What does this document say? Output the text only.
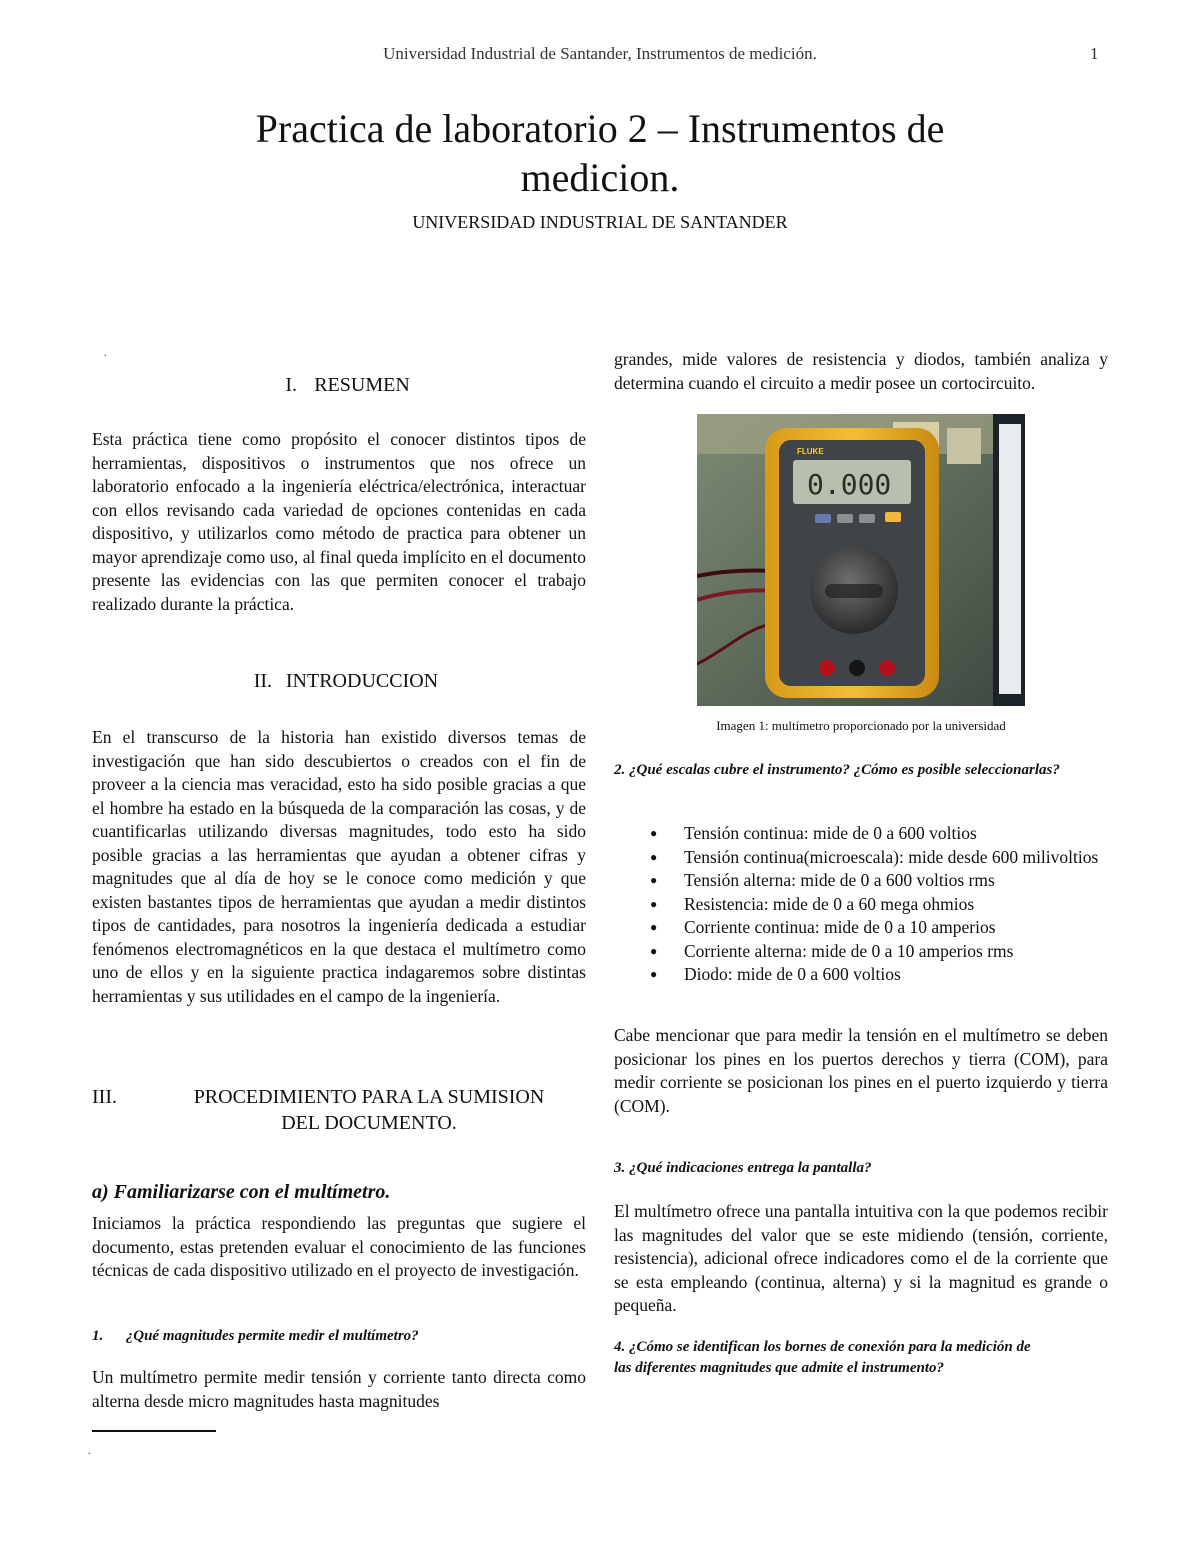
Universidad Industrial de Santander, Instrumentos de medición.	1
Practica de laboratorio 2 – Instrumentos de
medicion.
UNIVERSIDAD INDUSTRIAL DE SANTANDER
.
I. RESUMEN
Esta práctica tiene como propósito el conocer distintos tipos de herramientas, dispositivos o instrumentos que nos ofrece un laboratorio enfocado a la ingeniería eléctrica/electrónica, interactuar con ellos revisando cada variedad de opciones contenidas en cada dispositivo, y utilizarlos como método de practica para obtener un mayor aprendizaje como uso, al final queda implícito en el documento presente las evidencias con las que permiten conocer el trabajo realizado durante la práctica.
II. INTRODUCCION
En el transcurso de la historia han existido diversos temas de investigación que han sido descubiertos o creados con el fin de proveer a la ciencia mas veracidad, esto ha sido posible gracias a que el hombre ha estado en la búsqueda de la comparación las cosas, y de cuantificarlas utilizando diversas magnitudes, todo esto ha sido posible gracias a las herramientas que ayudan a obtener cifras y magnitudes que al día de hoy se le conoce como medición y que existen bastantes tipos de herramientas que ayudan a medir distintos tipos de cantidades, para nosotros la ingeniería dedicada a estudiar fenómenos electromagnéticos en la que destaca el multímetro como uno de ellos y en la siguiente practica indagaremos sobre distintas herramientas y sus utilidades en el campo de la ingeniería.
III.	PROCEDIMIENTO PARA LA SUMISION
DEL DOCUMENTO.
a) Familiarizarse con el multímetro.
Iniciamos la práctica respondiendo las preguntas que sugiere el documento, estas pretenden evaluar el conocimiento de las funciones técnicas de cada dispositivo utilizado en el proyecto de investigación.
1.      ¿Qué magnitudes permite medir el multímetro?
Un multímetro permite medir tensión y corriente tanto directa como alterna desde micro magnitudes hasta magnitudes
.
grandes, mide valores de resistencia y diodos, también analiza y determina cuando el circuito a medir posee un cortocircuito.
FLUKE
0.000
Imagen 1: multímetro proporcionado por la universidad
2. ¿Qué escalas cubre el instrumento? ¿Cómo es posible seleccionarlas?
● Tensión continua: mide de 0 a 600 voltios
● Tensión continua(microescala): mide desde 600 milivoltios
● Tensión alterna: mide de 0 a 600 voltios rms
● Resistencia: mide de 0 a 60 mega ohmios
● Corriente continua: mide de 0 a 10 amperios
● Corriente alterna: mide de 0 a 10 amperios rms
● Diodo: mide de 0 a 600 voltios
Cabe mencionar que para medir la tensión en el multímetro se deben posicionar los pines en los puertos derechos y tierra (COM), para medir corriente se posicionan los pines en el puerto izquierdo y tierra (COM).
3. ¿Qué indicaciones entrega la pantalla?
El multímetro ofrece una pantalla intuitiva con la que podemos recibir las magnitudes del valor que se este midiendo (tensión, corriente, resistencia), adicional ofrece indicadores como el de la corriente que se esta empleando (continua, alterna) y si la magnitud es grande o pequeña.
4. ¿Cómo se identifican los bornes de conexión para la medición de las diferentes magnitudes que admite el instrumento?
